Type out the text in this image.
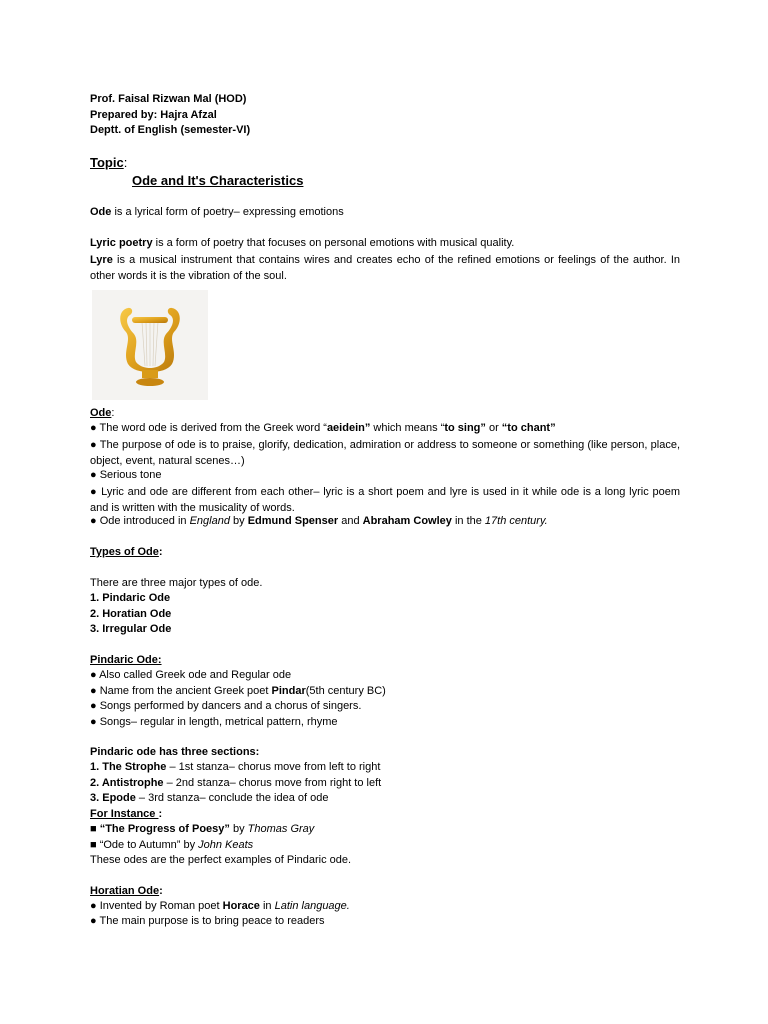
Prof. Faisal Rizwan Mal (HOD)
Prepared by: Hajra Afzal
Deptt. of English (semester-VI)
Topic:
Ode and It's Characteristics
Ode is a lyrical form of poetry– expressing emotions
Lyric poetry is a form of poetry that focuses on personal emotions with musical quality.
Lyre is a musical instrument that contains wires and creates echo of the refined emotions or feelings of the author. In other words it is the vibration of the soul.
Ode:
● The word ode is derived from the Greek word “aeidein” which means “to sing” or “to chant”
● The purpose of ode is to praise, glorify, dedication, admiration or address to someone or something (like person, place, object, event, natural scenes…)
● Serious tone
● Lyric and ode are different from each other– lyric is a short poem and lyre is used in it while ode is a long lyric poem and is written with the musicality of words.
● Ode introduced in England by Edmund Spenser and Abraham Cowley in the 17th century.
Types of Ode:
There are three major types of ode.
1. Pindaric Ode
2. Horatian Ode
3. Irregular Ode
Pindaric Ode:
● Also called Greek ode and Regular ode
● Name from the ancient Greek poet Pindar(5th century BC)
● Songs performed by dancers and a chorus of singers.
● Songs– regular in length, metrical pattern, rhyme
Pindaric ode has three sections:
1. The Strophe – 1st stanza– chorus move from left to right
2. Antistrophe – 2nd stanza– chorus move from right to left
3. Epode – 3rd stanza– conclude the idea of ode
For Instance :
■ “The Progress of Poesy” by Thomas Gray
■ “Ode to Autumn” by John Keats
These odes are the perfect examples of Pindaric ode.
Horatian Ode:
● Invented by Roman poet Horace in Latin language.
● The main purpose is to bring peace to readers
